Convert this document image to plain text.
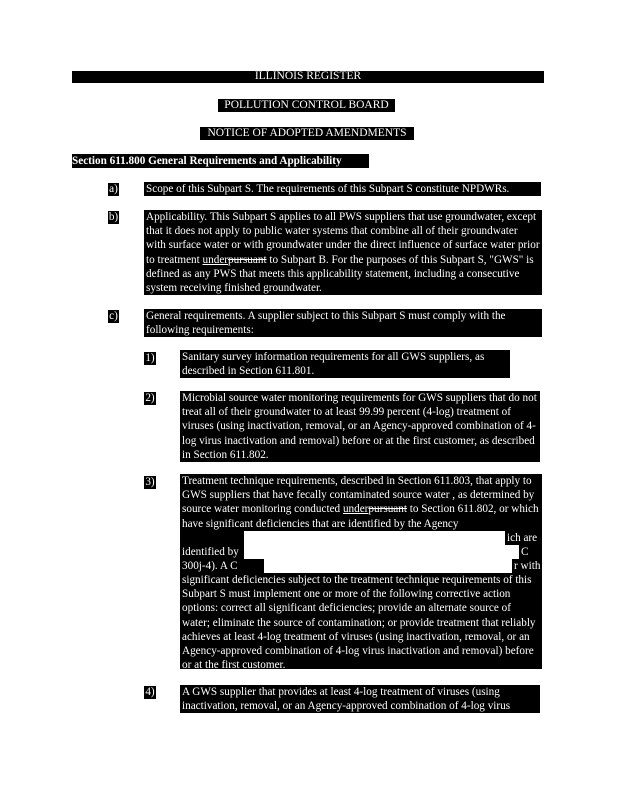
ILLINOIS REGISTER
POLLUTION CONTROL BOARD
NOTICE OF ADOPTED AMENDMENTS
Section 611.800 General Requirements and Applicability
a)	Scope of this Subpart S. The requirements of this Subpart S constitute NPDWRs.
b) Applicability. This Subpart S applies to all PWS suppliers that use groundwater, except that it does not apply to public water systems that combine all of their groundwater with surface water or with groundwater under the direct influence of surface water prior to treatment underpursuant to Subpart B. For the purposes of this Subpart S, "GWS" is defined as any PWS that meets this applicability statement, including a consecutive system receiving finished groundwater.
c)	General requirements. A supplier subject to this Subpart S must comply with the following requirements:
1) Sanitary survey information requirements for all GWS suppliers, as described in Section 611.801.
2) Microbial source water monitoring requirements for GWS suppliers that do not treat all of their groundwater to at least 99.99 percent (4-log) treatment of viruses (using inactivation, removal, or an Agency-approved combination of 4-log virus inactivation and removal) before or at the first customer, as described in Section 611.802.
3) Treatment technique requirements, described in Section 611.803, that apply to GWS suppliers that have fecally contaminated source water , as determined by source water monitoring conducted underpursuant to Section 611.802, or which have significant deficiencies that are identified by the Agency
ich are
identified by	C
300j-4). A C	r with
significant deficiencies subject to the treatment technique requirements of this Subpart S must implement one or more of the following corrective action options: correct all significant deficiencies; provide an alternate source of water; eliminate the source of contamination; or provide treatment that reliably achieves at least 4-log treatment of viruses (using inactivation, removal, or an Agency-approved combination of 4-log virus inactivation and removal) before or at the first customer.
4) A GWS supplier that provides at least 4-log treatment of viruses (using inactivation, removal, or an Agency-approved combination of 4-log virus
